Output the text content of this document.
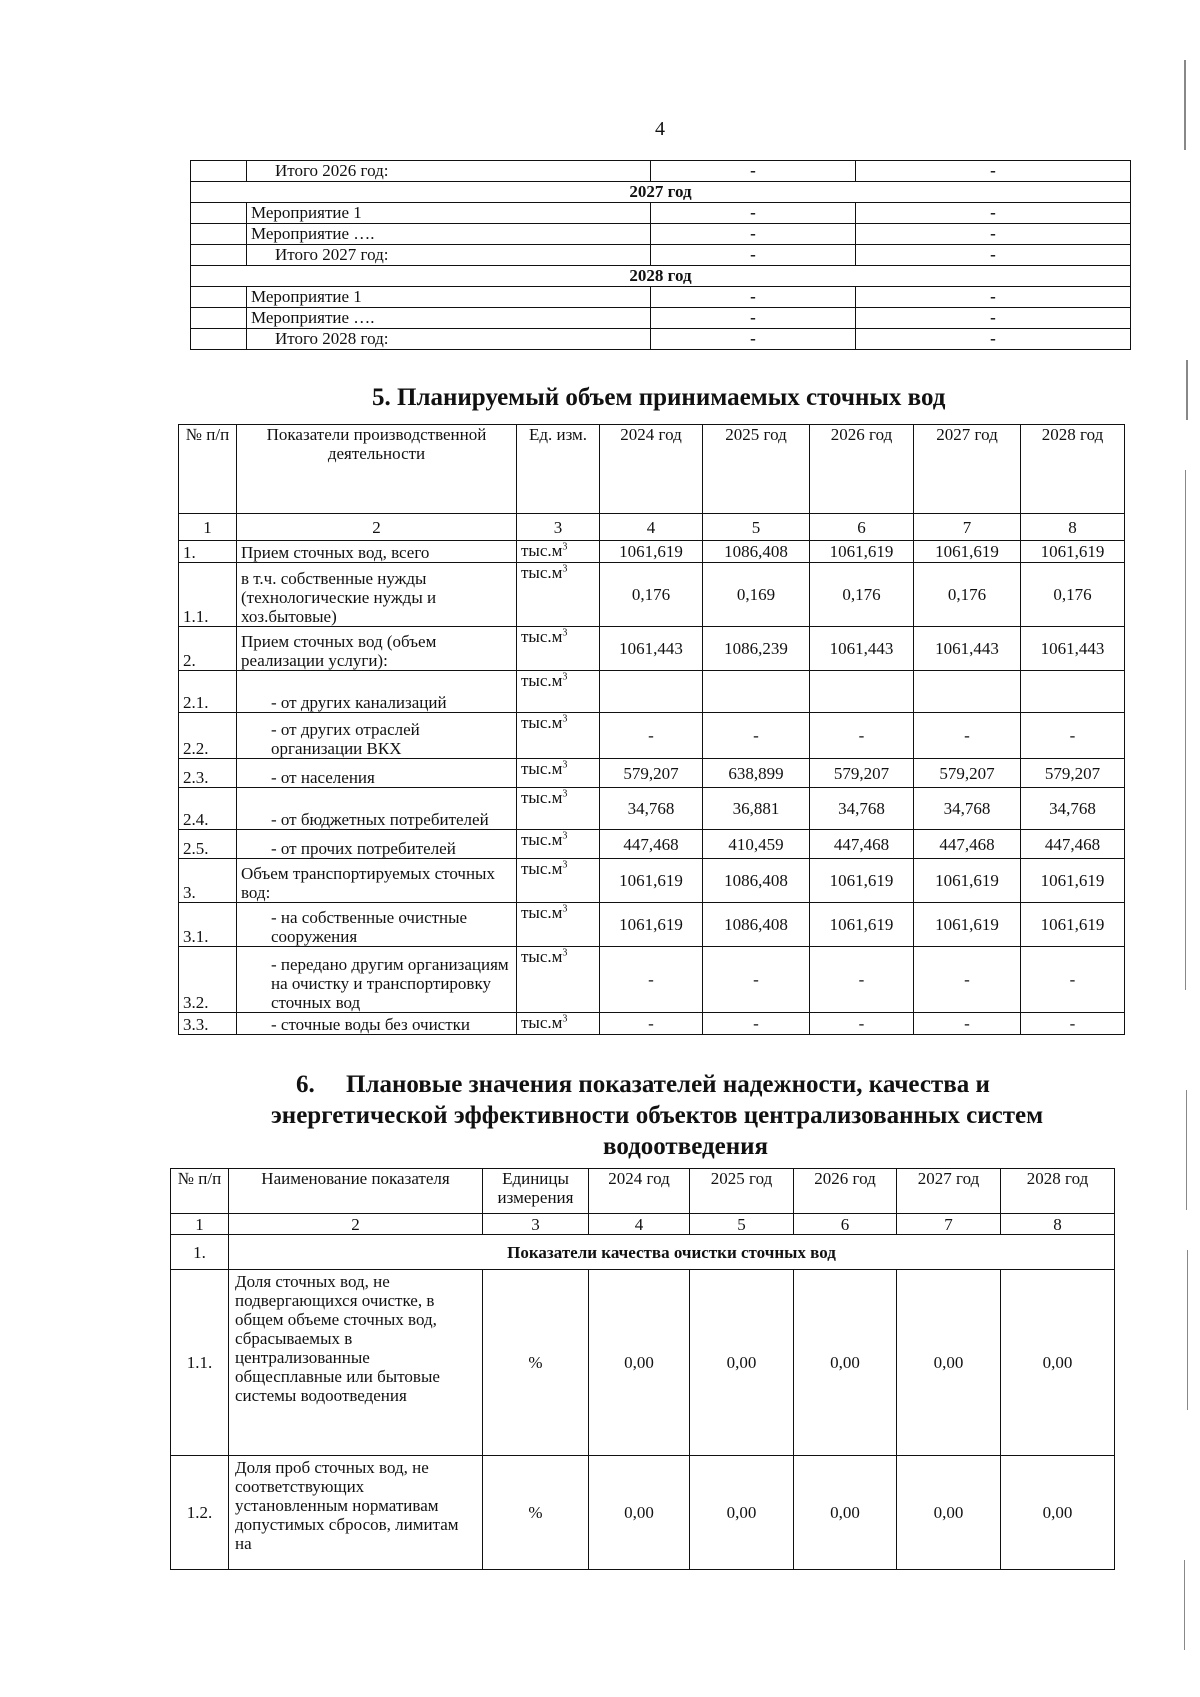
4
	Итого 2026 год:	-	-
2027 год			
	Мероприятие 1	-	-
	Мероприятие ….	-	-
	Итого 2027 год:	-	-
2028 год			
	Мероприятие 1	-	-
	Мероприятие ….	-	-
	Итого 2028 год:	-	-
5. Планируемый объем принимаемых сточных вод
№ п/п	Показатели производственной деятельности	Ед. изм.	2024 год	2025 год	2026 год	2027 год	2028 год
1	2	3	4	5	6	7	8
1.	Прием сточных вод, всего	$тыс.м^3$	1061,619	1086,408	1061,619	1061,619	1061,619
1.1.	в т.ч. собственные нужды (технологические нужды и хоз.бытовые)	$тыс.м^3$	0,176	0,169	0,176	0,176	0,176
2.	Прием сточных вод (объем реализации услуги):	$тыс.м^3$	1061,443	1086,239	1061,443	1061,443	1061,443
2.1.	- от других канализаций	$тыс.м^3$					
2.2.	- от других отраслей организации ВКХ	$тыс.м^3$	-	-	-	-	-
2.3.	- от населения	$тыс.м^3$	579,207	638,899	579,207	579,207	579,207
2.4.	- от бюджетных потребителей	$тыс.м^3$	34,768	36,881	34,768	34,768	34,768
2.5.	- от прочих потребителей	$тыс.м^3$	447,468	410,459	447,468	447,468	447,468
3.	Объем транспортируемых сточных вод:	$тыс.м^3$	1061,619	1086,408	1061,619	1061,619	1061,619
3.1.	- на собственные очистные сооружения	$тыс.м^3$	1061,619	1086,408	1061,619	1061,619	1061,619
3.2.	- передано другим организациям на очистку и транспортировку сточных вод	$тыс.м^3$	-	-	-	-	-
3.3.	- сточные воды без очистки	$тыс.м^3$	-	-	-	-	-
6.     Плановые значения показателей надежности, качества и
энергетической эффективности объектов централизованных систем
водоотведения
№ п/п	Наименование показателя	Единицы измерения	2024 год	2025 год	2026 год	2027 год	2028 год
1	2	3	4	5	6	7	8
1.	Показатели качества очистки сточных вод						
1.1.	Доля сточных вод, не подвергающихся очистке, в общем объеме сточных вод, сбрасываемых в централизованные общесплавные или бытовые системы водоотведения	%	0,00	0,00	0,00	0,00	0,00
1.2.	Доля проб сточных вод, не соответствующих установленным нормативам допустимых сбросов, лимитам на	%	0,00	0,00	0,00	0,00	0,00
